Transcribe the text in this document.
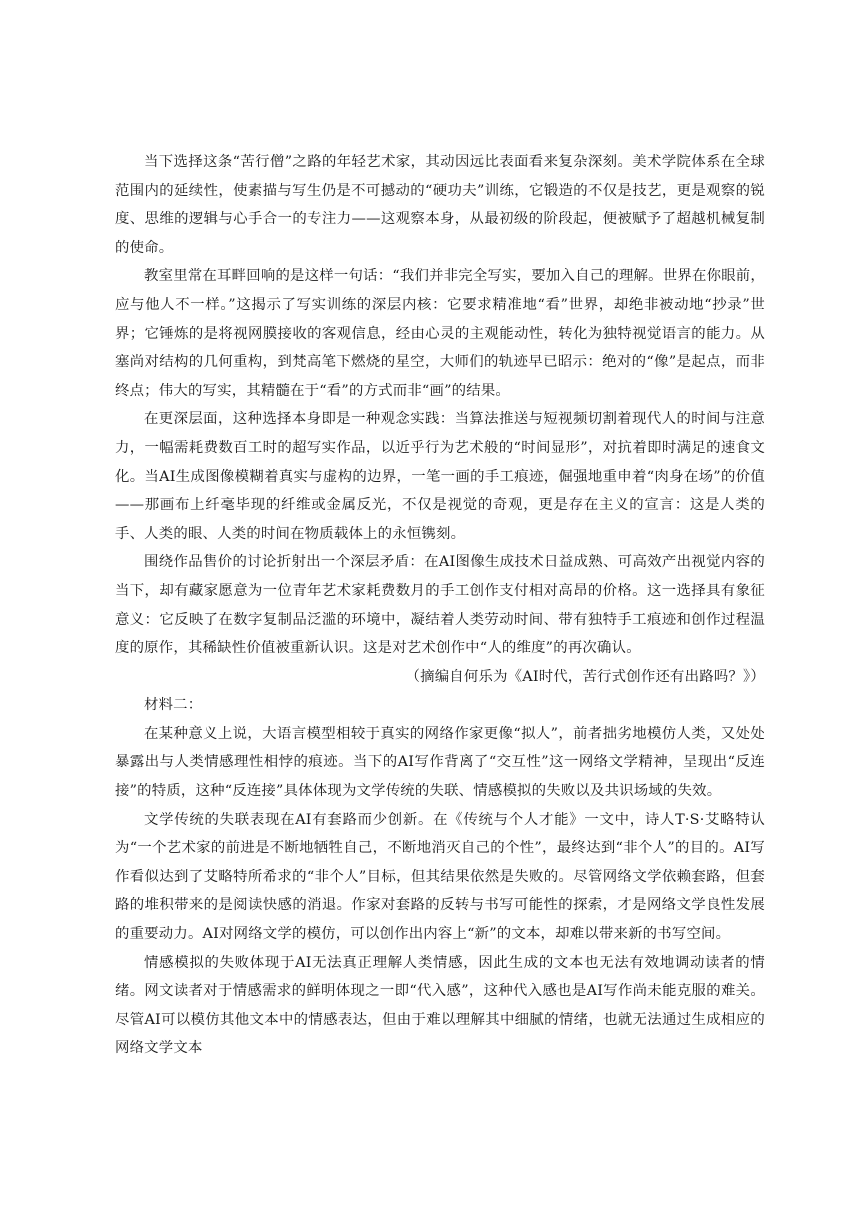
当下选择这条“苦行僧”之路的年轻艺术家，其动因远比表面看来复杂深刻。美术学院体系在全球范围内的延续性，使素描与写生仍是不可撼动的“硬功夫”训练，它锻造的不仅是技艺，更是观察的锐度、思维的逻辑与心手合一的专注力——这观察本身，从最初级的阶段起，便被赋予了超越机械复制的使命。

教室里常在耳畔回响的是这样一句话：“我们并非完全写实，要加入自己的理解。世界在你眼前，应与他人不一样。”这揭示了写实训练的深层内核：它要求精准地“看”世界，却绝非被动地“抄录”世界；它锤炼的是将视网膜接收的客观信息，经由心灵的主观能动性，转化为独特视觉语言的能力。从塞尚对结构的几何重构，到梵高笔下燃烧的星空，大师们的轨迹早已昭示：绝对的“像”是起点，而非终点；伟大的写实，其精髓在于“看”的方式而非“画”的结果。

在更深层面，这种选择本身即是一种观念实践：当算法推送与短视频切割着现代人的时间与注意力，一幅需耗费数百工时的超写实作品，以近乎行为艺术般的“时间显形”，对抗着即时满足的速食文化。当AI生成图像模糊着真实与虚构的边界，一笔一画的手工痕迹，倔强地重申着“肉身在场”的价值——那画布上纤毫毕现的纤维或金属反光，不仅是视觉的奇观，更是存在主义的宣言：这是人类的手、人类的眼、人类的时间在物质载体上的永恒镌刻。

围绕作品售价的讨论折射出一个深层矛盾：在AI图像生成技术日益成熟、可高效产出视觉内容的当下，却有藏家愿意为一位青年艺术家耗费数月的手工创作支付相对高昂的价格。这一选择具有象征意义：它反映了在数字复制品泛滥的环境中，凝结着人类劳动时间、带有独特手工痕迹和创作过程温度的原作，其稀缺性价值被重新认识。这是对艺术创作中“人的维度”的再次确认。

（摘编自何乐为《AI时代，苦行式创作还有出路吗？》）

材料二：

在某种意义上说，大语言模型相较于真实的网络作家更像“拟人”，前者拙劣地模仿人类，又处处暴露出与人类情感理性相悖的痕迹。当下的AI写作背离了“交互性”这一网络文学精神，呈现出“反连接”的特质，这种“反连接”具体体现为文学传统的失联、情感模拟的失败以及共识场域的失效。

文学传统的失联表现在AI有套路而少创新。在《传统与个人才能》一文中，诗人T·S·艾略特认为“一个艺术家的前进是不断地牺牲自己，不断地消灭自己的个性”，最终达到“非个人”的目的。AI写作看似达到了艾略特所希求的“非个人”目标，但其结果依然是失败的。尽管网络文学依赖套路，但套路的堆积带来的是阅读快感的消退。作家对套路的反转与书写可能性的探索，才是网络文学良性发展的重要动力。AI对网络文学的模仿，可以创作出内容上“新”的文本，却难以带来新的书写空间。

情感模拟的失败体现于AI无法真正理解人类情感，因此生成的文本也无法有效地调动读者的情绪。网文读者对于情感需求的鲜明体现之一即“代入感”，这种代入感也是AI写作尚未能克服的难关。尽管AI可以模仿其他文本中的情感表达，但由于难以理解其中细腻的情绪，也就无法通过生成相应的网络文学文本
